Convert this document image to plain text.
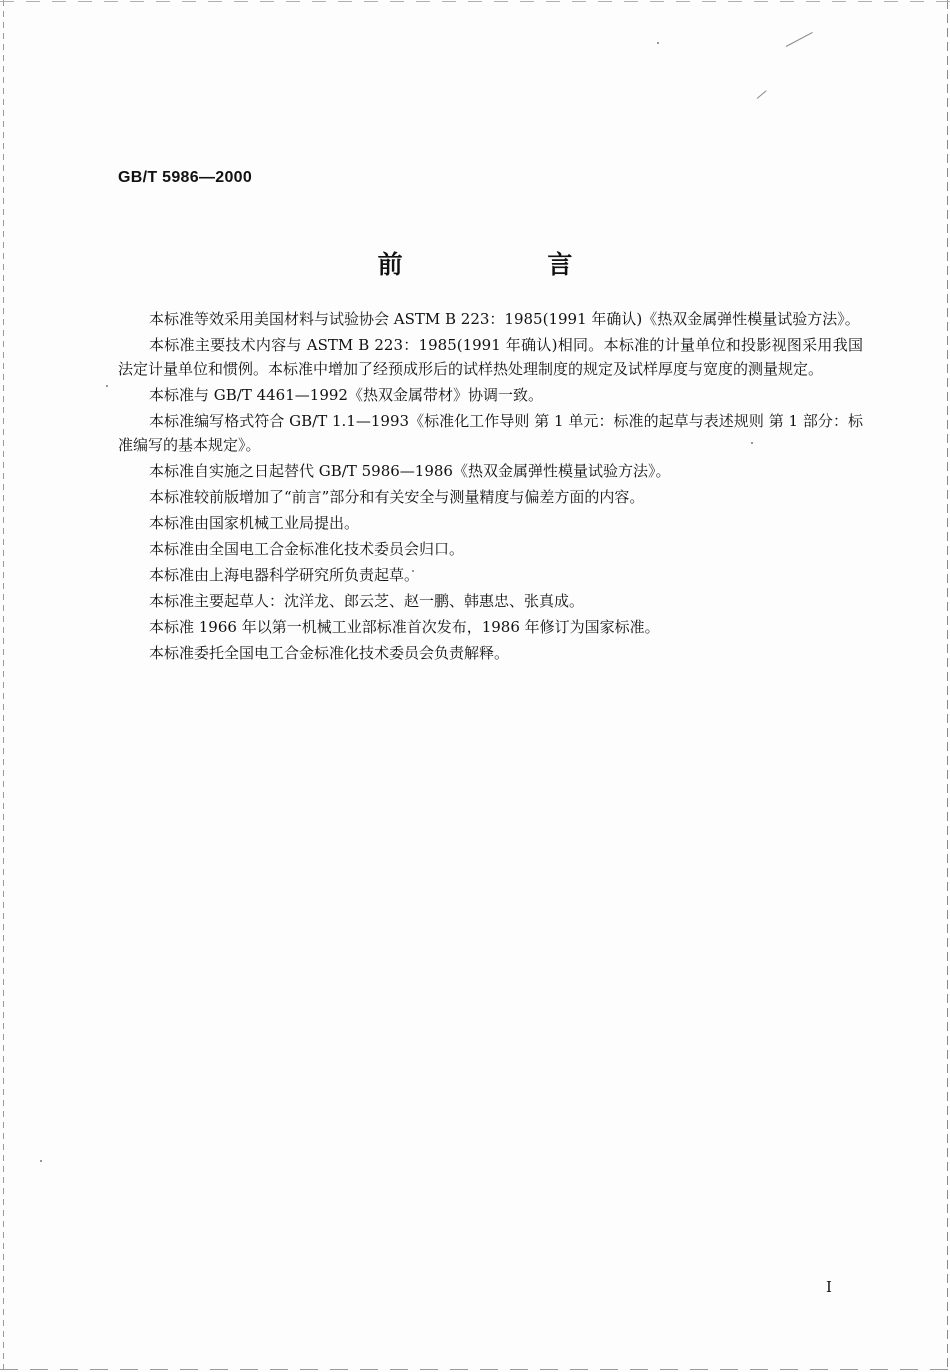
GB/T 5986—2000
前 言

本标准等效采用美国材料与试验协会 ASTM B 223：1985(1991 年确认)《热双金属弹性模量试验方法》。

本标准主要技术内容与 ASTM B 223：1985(1991 年确认)相同。本标准的计量单位和投影视图采用我国法定计量单位和惯例。本标准中增加了经预成形后的试样热处理制度的规定及试样厚度与宽度的测量规定。

本标准与 GB/T 4461—1992《热双金属带材》协调一致。

本标准编写格式符合 GB/T 1.1—1993《标准化工作导则 第 1 单元：标准的起草与表述规则 第 1 部分：标准编写的基本规定》。

本标准自实施之日起替代 GB/T 5986—1986《热双金属弹性模量试验方法》。

本标准较前版增加了“前言”部分和有关安全与测量精度与偏差方面的内容。

本标准由国家机械工业局提出。

本标准由全国电工合金标准化技术委员会归口。

本标准由上海电器科学研究所负责起草。

本标准主要起草人：沈洋龙、郎云芝、赵一鹏、韩惠忠、张真成。

本标准 1966 年以第一机械工业部标准首次发布，1986 年修订为国家标准。

本标准委托全国电工合金标准化技术委员会负责解释。

I
